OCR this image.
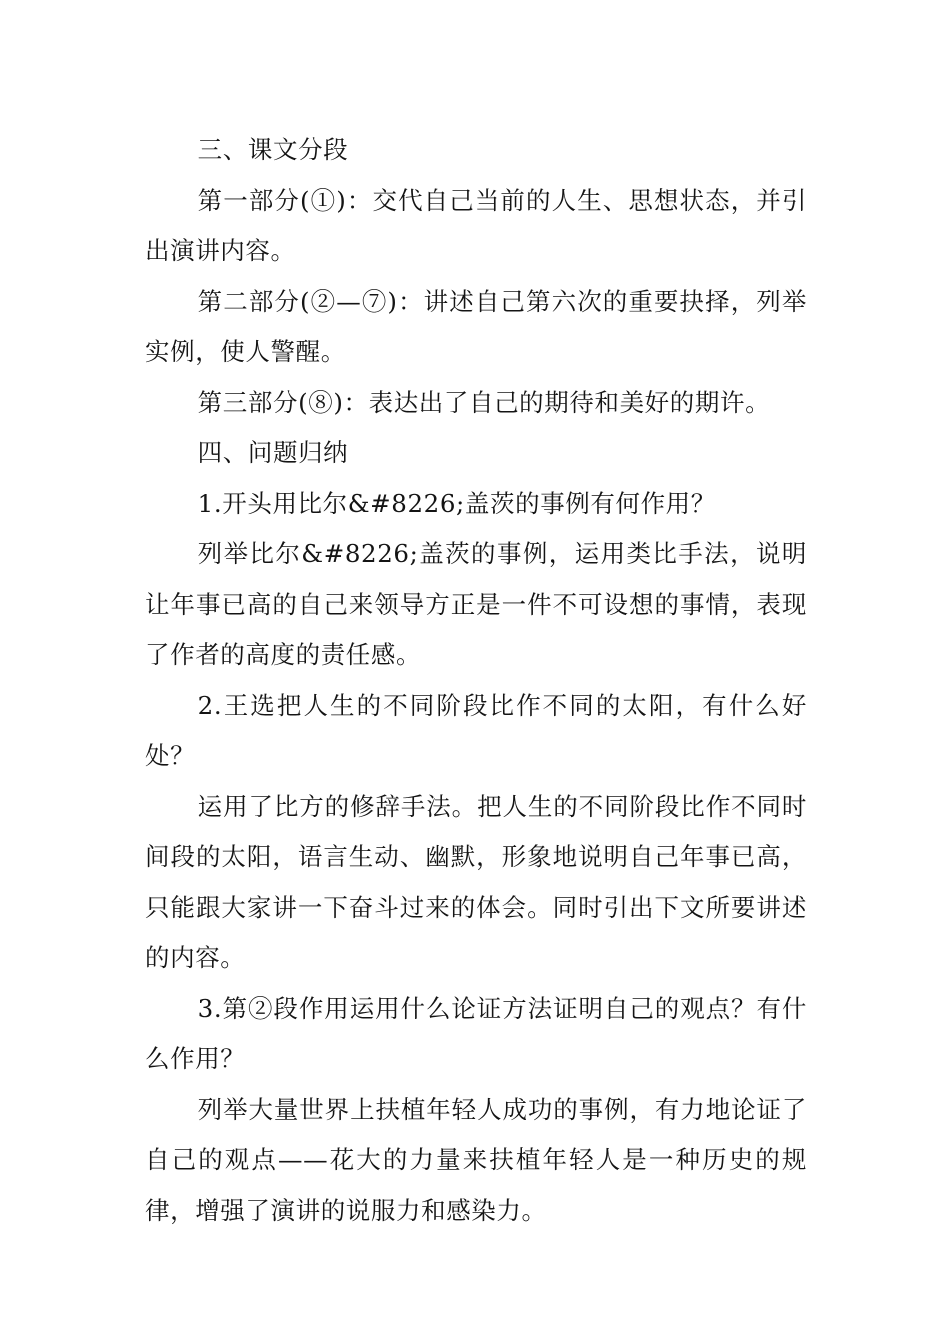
三、课文分段

第一部分(①)：交代自己当前的人生、思想状态，并引出演讲内容。

第二部分(②—⑦)：讲述自己第六次的重要抉择，列举实例，使人警醒。

第三部分(⑧)：表达出了自己的期待和美好的期许。

四、问题归纳

1.开头用比尔&#8226;盖茨的事例有何作用？

列举比尔&#8226;盖茨的事例，运用类比手法，说明让年事已高的自己来领导方正是一件不可设想的事情，表现了作者的高度的责任感。

2.王选把人生的不同阶段比作不同的太阳，有什么好处？

运用了比方的修辞手法。把人生的不同阶段比作不同时间段的太阳，语言生动、幽默，形象地说明自己年事已高，只能跟大家讲一下奋斗过来的体会。同时引出下文所要讲述的内容。

3.第②段作用运用什么论证方法证明自己的观点？有什么作用？

列举大量世界上扶植年轻人成功的事例，有力地论证了自己的观点——花大的力量来扶植年轻人是一种历史的规律，增强了演讲的说服力和感染力。
